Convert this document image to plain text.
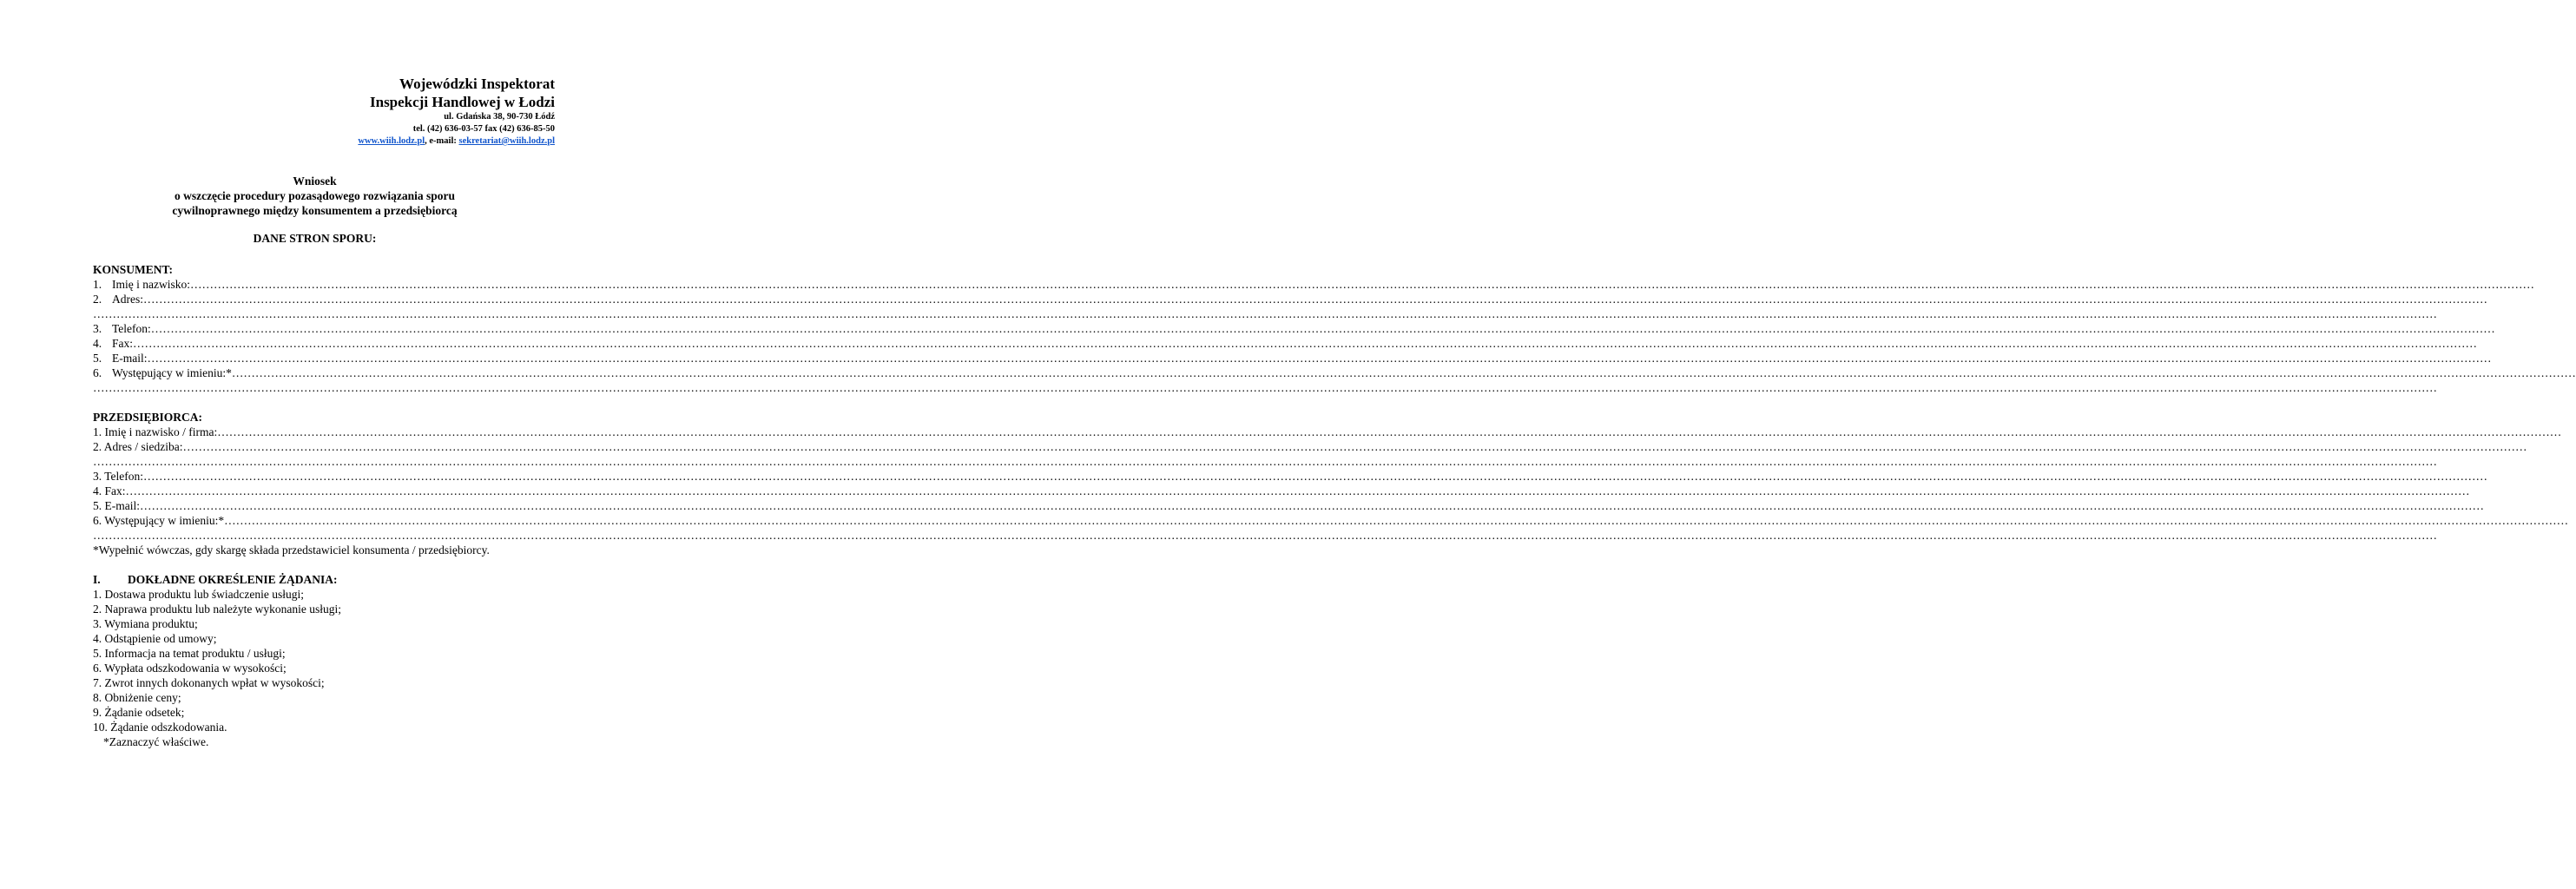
Wojewódzki Inspektorat
Inspekcji Handlowej w Łodzi
ul. Gdańska 38, 90-730 Łódź
tel. (42) 636-03-57 fax (42) 636-85-50
www.wiih.lodz.pl, e-mail: sekretariat@wiih.lodz.pl
Wniosek
o wszczęcie procedury pozasądowego rozwiązania sporu
cywilnoprawnego między konsumentem a przedsiębiorcą
DANE STRON SPORU:
KONSUMENT:
1. Imię i nazwisko: ……………………………………………………………………………………………………………………………………………………………………………………………………………………………………………………………………………………………………………………………………………………………………………………………………………………………………………………………………………………………………………………………………………………
2. Adres: ……………………………………………………………………………………………………………………………………………………………………………………………………………………………………………………………………………………………………………………………………………………………………………………………………………………………………………………………………………………………………………………………………………………
……………………………………………………………………………………………………………………………………………………………………………………………………………………………………………………………………………………………………………………………………………………………………………………………………………………………………………………………………………………………………………………………………………………
3. Telefon: ……………………………………………………………………………………………………………………………………………………………………………………………………………………………………………………………………………………………………………………………………………………………………………………………………………………………………………………………………………………………………………………………………………………
4. Fax: ……………………………………………………………………………………………………………………………………………………………………………………………………………………………………………………………………………………………………………………………………………………………………………………………………………………………………………………………………………………………………………………………………………………
5. E-mail: ……………………………………………………………………………………………………………………………………………………………………………………………………………………………………………………………………………………………………………………………………………………………………………………………………………………………………………………………………………………………………………………………………………………
6. Występujący w imieniu:* ……………………………………………………………………………………………………………………………………………………………………………………………………………………………………………………………………………………………………………………………………………………………………………………………………………………………………………………………………………………………………………………………………………………
……………………………………………………………………………………………………………………………………………………………………………………………………………………………………………………………………………………………………………………………………………………………………………………………………………………………………………………………………………………………………………………………………………………
PRZEDSIĘBIORCA:
1. Imię i nazwisko / firma: ……………………………………………………………………………………………………………………………………………………………………………………………………………………………………………………………………………………………………………………………………………………………………………………………………………………………………………………………………………………………………………………………………………………
2. Adres / siedziba: ……………………………………………………………………………………………………………………………………………………………………………………………………………………………………………………………………………………………………………………………………………………………………………………………………………………………………………………………………………………………………………………………………………………
……………………………………………………………………………………………………………………………………………………………………………………………………………………………………………………………………………………………………………………………………………………………………………………………………………………………………………………………………………………………………………………………………………………
3. Telefon: ……………………………………………………………………………………………………………………………………………………………………………………………………………………………………………………………………………………………………………………………………………………………………………………………………………………………………………………………………………………………………………………………………………………
4. Fax: ……………………………………………………………………………………………………………………………………………………………………………………………………………………………………………………………………………………………………………………………………………………………………………………………………………………………………………………………………………………………………………………………………………………
5. E-mail: ……………………………………………………………………………………………………………………………………………………………………………………………………………………………………………………………………………………………………………………………………………………………………………………………………………………………………………………………………………………………………………………………………………………
6. Występujący w imieniu:* ……………………………………………………………………………………………………………………………………………………………………………………………………………………………………………………………………………………………………………………………………………………………………………………………………………………………………………………………………………………………………………………………………………………
……………………………………………………………………………………………………………………………………………………………………………………………………………………………………………………………………………………………………………………………………………………………………………………………………………………………………………………………………………………………………………………………………………………
*Wypełnić wówczas, gdy skargę składa przedstawiciel konsumenta / przedsiębiorcy.
I. DOKŁADNE OKREŚLENIE ŻĄDANIA:
1. Dostawa produktu lub świadczenie usługi;
2. Naprawa produktu lub należyte wykonanie usługi;
3. Wymiana produktu;
4. Odstąpienie od umowy;
5. Informacja na temat produktu / usługi;
6. Wypłata odszkodowania w wysokości;
7. Zwrot innych dokonanych wpłat w wysokości;
8. Obniżenie ceny;
9. Żądanie odsetek;
10. Żądanie odszkodowania.
*Zaznaczyć właściwe.
